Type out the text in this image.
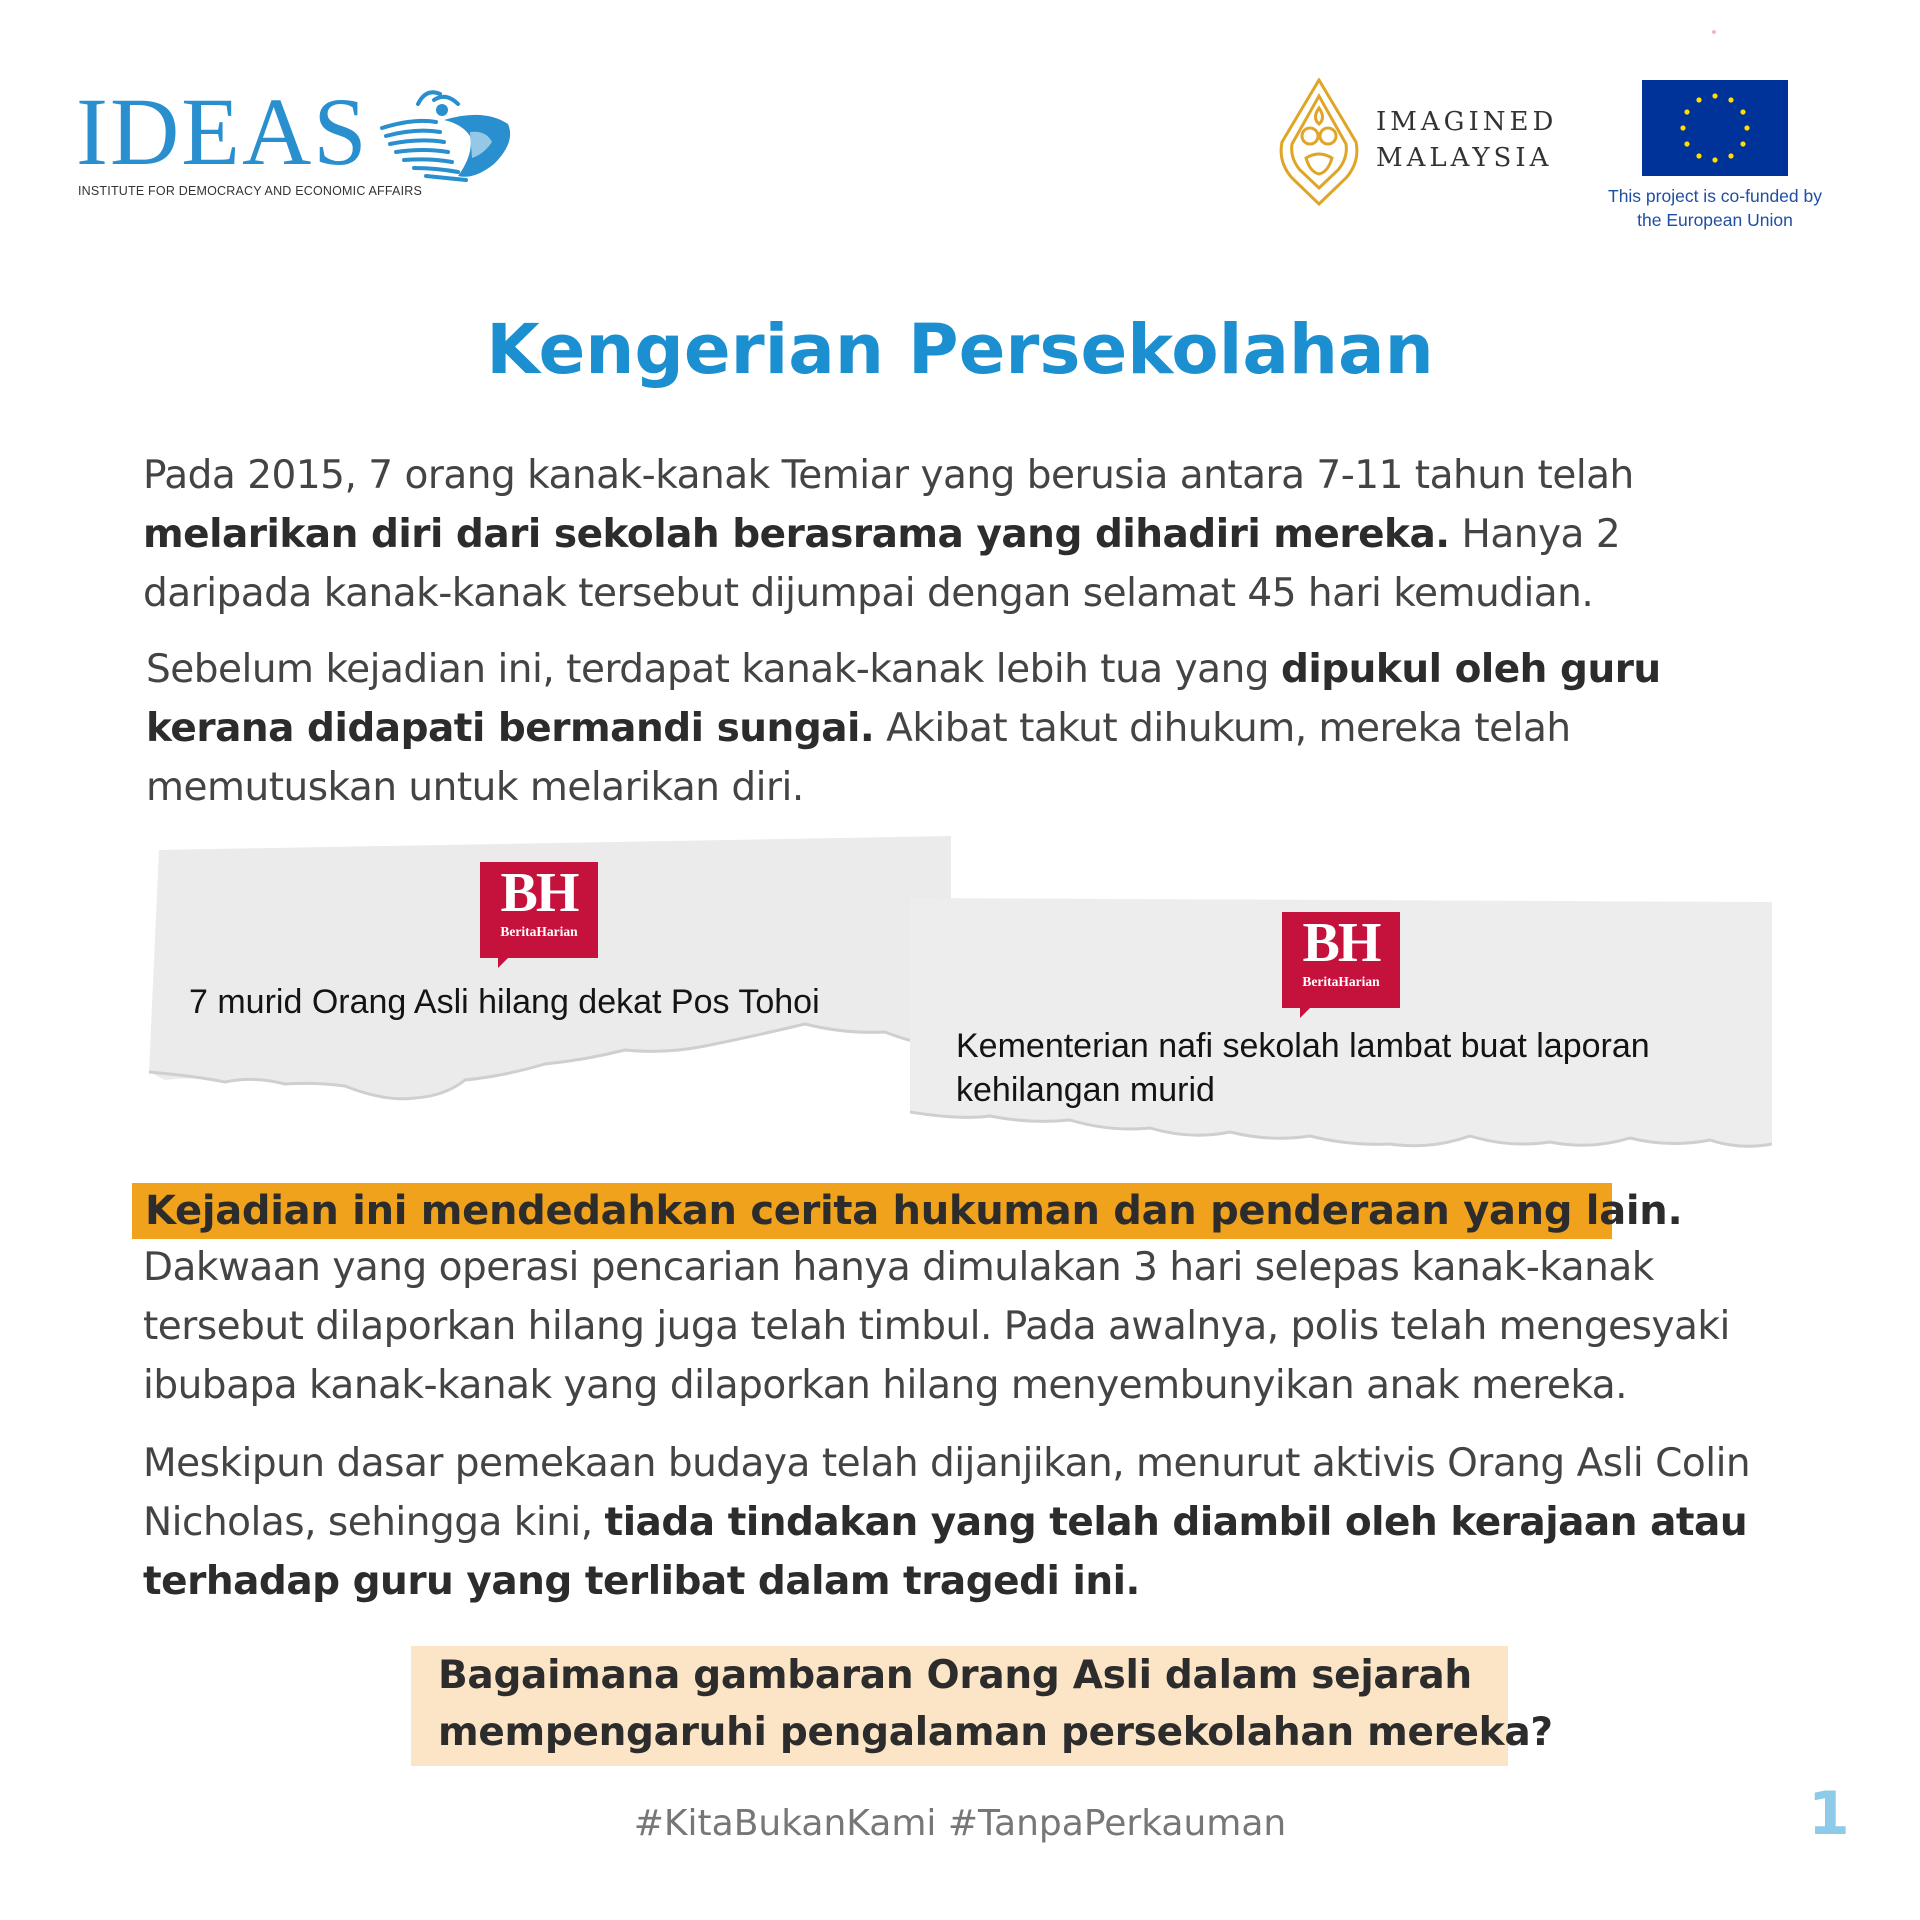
IDEAS
INSTITUTE FOR DEMOCRACY AND ECONOMIC AFFAIRS
IMAGINED
MALAYSIA
This project is co-funded by
the European Union
Kengerian Persekolahan
Pada 2015, 7 orang kanak-kanak Temiar yang berusia antara 7-11 tahun telah
melarikan diri dari sekolah berasrama yang dihadiri mereka. Hanya 2
daripada kanak-kanak tersebut dijumpai dengan selamat 45 hari kemudian.
Sebelum kejadian ini, terdapat kanak-kanak lebih tua yang dipukul oleh guru
kerana didapati bermandi sungai. Akibat takut dihukum, mereka telah
memutuskan untuk melarikan diri.
BH
BeritaHarian
7 murid Orang Asli hilang dekat Pos Tohoi
BH
BeritaHarian
Kementerian nafi sekolah lambat buat laporan
kehilangan murid
Kejadian ini mendedahkan cerita hukuman dan penderaan yang lain.
Dakwaan yang operasi pencarian hanya dimulakan 3 hari selepas kanak-kanak
tersebut dilaporkan hilang juga telah timbul. Pada awalnya, polis telah mengesyaki
ibubapa kanak-kanak yang dilaporkan hilang menyembunyikan anak mereka.
Meskipun dasar pemekaan budaya telah dijanjikan, menurut aktivis Orang Asli Colin
Nicholas, sehingga kini, tiada tindakan yang telah diambil oleh kerajaan atau
terhadap guru yang terlibat dalam tragedi ini.
Bagaimana gambaran Orang Asli dalam sejarah
mempengaruhi pengalaman persekolahan mereka?
#KitaBukanKami #TanpaPerkauman	1
